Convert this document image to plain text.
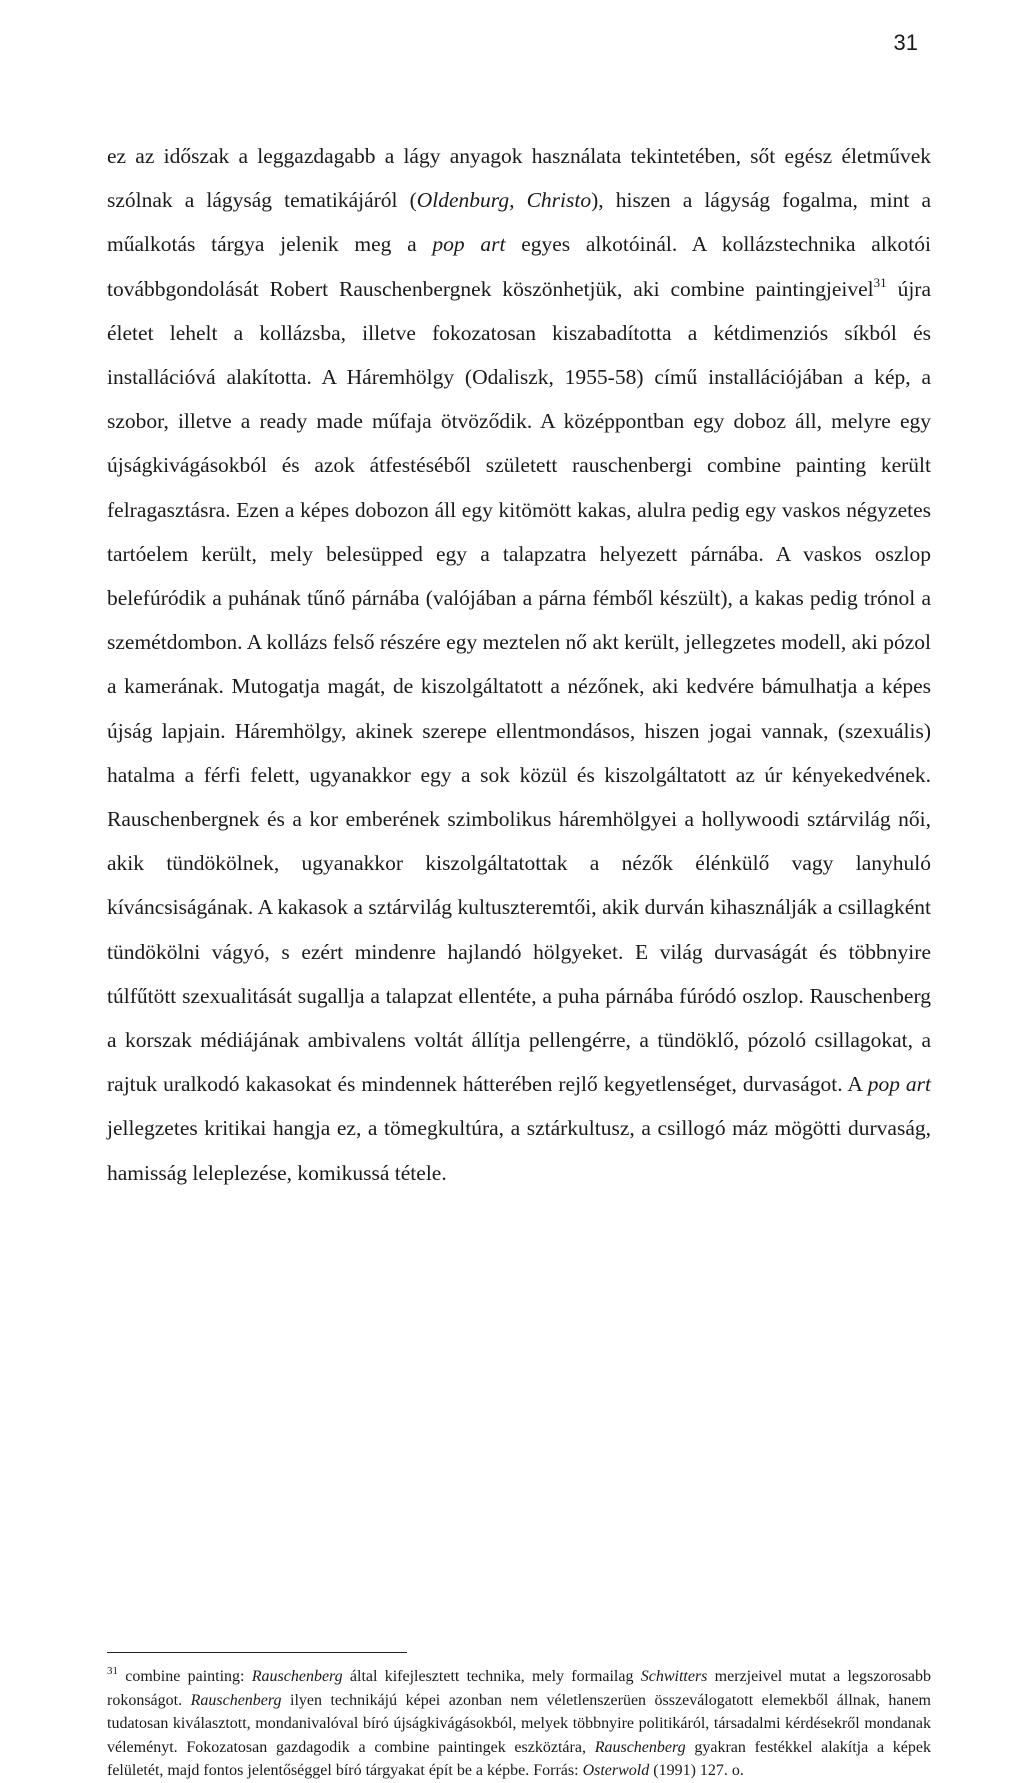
31

ez az időszak a leggazdagabb a lágy anyagok használata tekintetében, sőt egész életművek szólnak a lágyság tematikájáról (Oldenburg, Christo), hiszen a lágyság fogalma, mint a műalkotás tárgya jelenik meg a pop art egyes alkotóinál. A kollázstechnika alkotói továbbgondolását Robert Rauschenbergnek köszönhetjük, aki combine paintingjeivel$^{31}$ újra életet lehelt a kollázsba, illetve fokozatosan kiszabadította a kétdimenziós síkból és installációvá alakította. A Háremhölgy (Odaliszk, 1955-58) című installációjában a kép, a szobor, illetve a ready made műfaja ötvöződik. A középpontban egy doboz áll, melyre egy újságkivágásokból és azok átfestéséből született rauschenbergi combine painting került felragasztásra. Ezen a képes dobozon áll egy kitömött kakas, alulra pedig egy vaskos négyzetes tartóelem került, mely belesüpped egy a talapzatra helyezett párnába. A vaskos oszlop belefúródik a puhának tűnő párnába (valójában a párna fémből készült), a kakas pedig trónol a szemétdombon. A kollázs felső részére egy meztelen nő akt került, jellegzetes modell, aki pózol a kamerának. Mutogatja magát, de kiszolgáltatott a nézőnek, aki kedvére bámulhatja a képes újság lapjain. Háremhölgy, akinek szerepe ellentmondásos, hiszen jogai vannak, (szexuális) hatalma a férfi felett, ugyanakkor egy a sok közül és kiszolgáltatott az úr kényekedvének. Rauschenbergnek és a kor emberének szimbolikus háremhölgyei a hollywoodi sztárvilág női, akik tündökölnek, ugyanakkor kiszolgáltatottak a nézők élénkülő vagy lanyhuló kíváncsiságának. A kakasok a sztárvilág kultuszteremtői, akik durván kihasználják a csillagként tündökölni vágyó, s ezért mindenre hajlandó hölgyeket. E világ durvaságát és többnyire túlfűtött szexualitását sugallja a talapzat ellentéte, a puha párnába fúródó oszlop. Rauschenberg a korszak médiájának ambivalens voltát állítja pellengérre, a tündöklő, pózoló csillagokat, a rajtuk uralkodó kakasokat és mindennek hátterében rejlő kegyetlenséget, durvaságot. A pop art jellegzetes kritikai hangja ez, a tömegkultúra, a sztárkultusz, a csillogó máz mögötti durvaság, hamisság leleplezése, komikussá tétele.

$^{31}$ combine painting: Rauschenberg által kifejlesztett technika, mely formailag Schwitters merzjeivel mutat a legszorosabb rokonságot. Rauschenberg ilyen technikájú képei azonban nem véletlenszerüen összeválogatott elemekből állnak, hanem tudatosan kiválasztott, mondanivalóval bíró újságkivágásokból, melyek többnyire politikáról, társadalmi kérdésekről mondanak véleményt. Fokozatosan gazdagodik a combine paintingek eszköztára, Rauschenberg gyakran festékkel alakítja a képek felületét, majd fontos jelentőséggel bíró tárgyakat épít be a képbe. Forrás: Osterwold (1991) 127. o.
